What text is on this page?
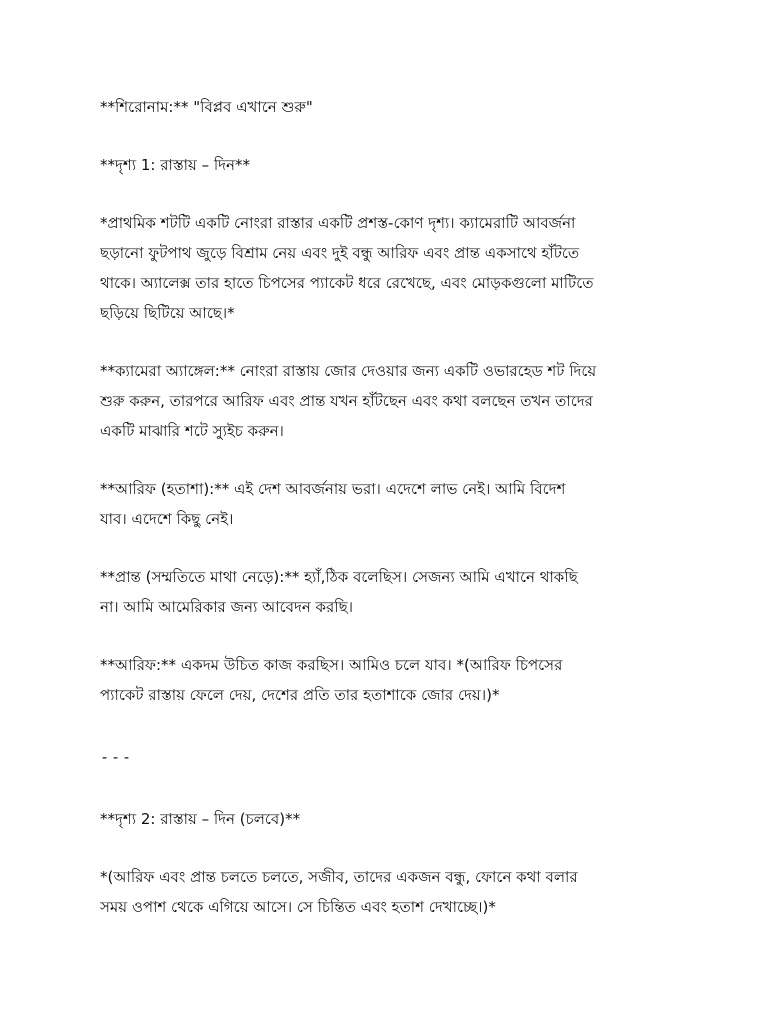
**শিরোনাম:** "বিপ্লব এখানে শুরু"

**দৃশ্য 1: রাস্তায় – দিন**

*প্রাথমিক শটটি একটি নোংরা রাস্তার একটি প্রশস্ত-কোণ দৃশ্য। ক্যামেরাটি আবর্জনা
ছড়ানো ফুটপাথ জুড়ে বিশ্রাম নেয় এবং দুই বন্ধু আরিফ এবং প্রান্ত একসাথে হাঁটতে
থাকে। অ্যালেক্স তার হাতে চিপসের প্যাকেট ধরে রেখেছে, এবং মোড়কগুলো মাটিতে
ছড়িয়ে ছিটিয়ে আছে।*

**ক্যামেরা অ্যাঙ্গেল:** নোংরা রাস্তায় জোর দেওয়ার জন্য একটি ওভারহেড শট দিয়ে
শুরু করুন, তারপরে আরিফ এবং প্রান্ত যখন হাঁটছেন এবং কথা বলছেন তখন তাদের
একটি মাঝারি শটে স্যুইচ করুন।

**আরিফ (হতাশা):** এই দেশ আবর্জনায় ভরা। এদেশে লাভ নেই। আমি বিদেশ
যাব। এদেশে কিছু নেই।

**প্রান্ত (সম্মতিতে মাথা নেড়ে):** হ্যাঁ,ঠিক বলেছিস। সেজন্য আমি এখানে থাকছি
না। আমি আমেরিকার জন্য আবেদন করছি।

**আরিফ:** একদম উচিত কাজ করছিস। আমিও চলে যাব। *(আরিফ চিপসের
প্যাকেট রাস্তায় ফেলে দেয়, দেশের প্রতি তার হতাশাকে জোর দেয়।)*

---

**দৃশ্য 2: রাস্তায় – দিন (চলবে)**

*(আরিফ এবং প্রান্ত চলতে চলতে, সজীব, তাদের একজন বন্ধু, ফোনে কথা বলার
সময় ওপাশ থেকে এগিয়ে আসে। সে চিন্তিত এবং হতাশ দেখাচ্ছে।)*
